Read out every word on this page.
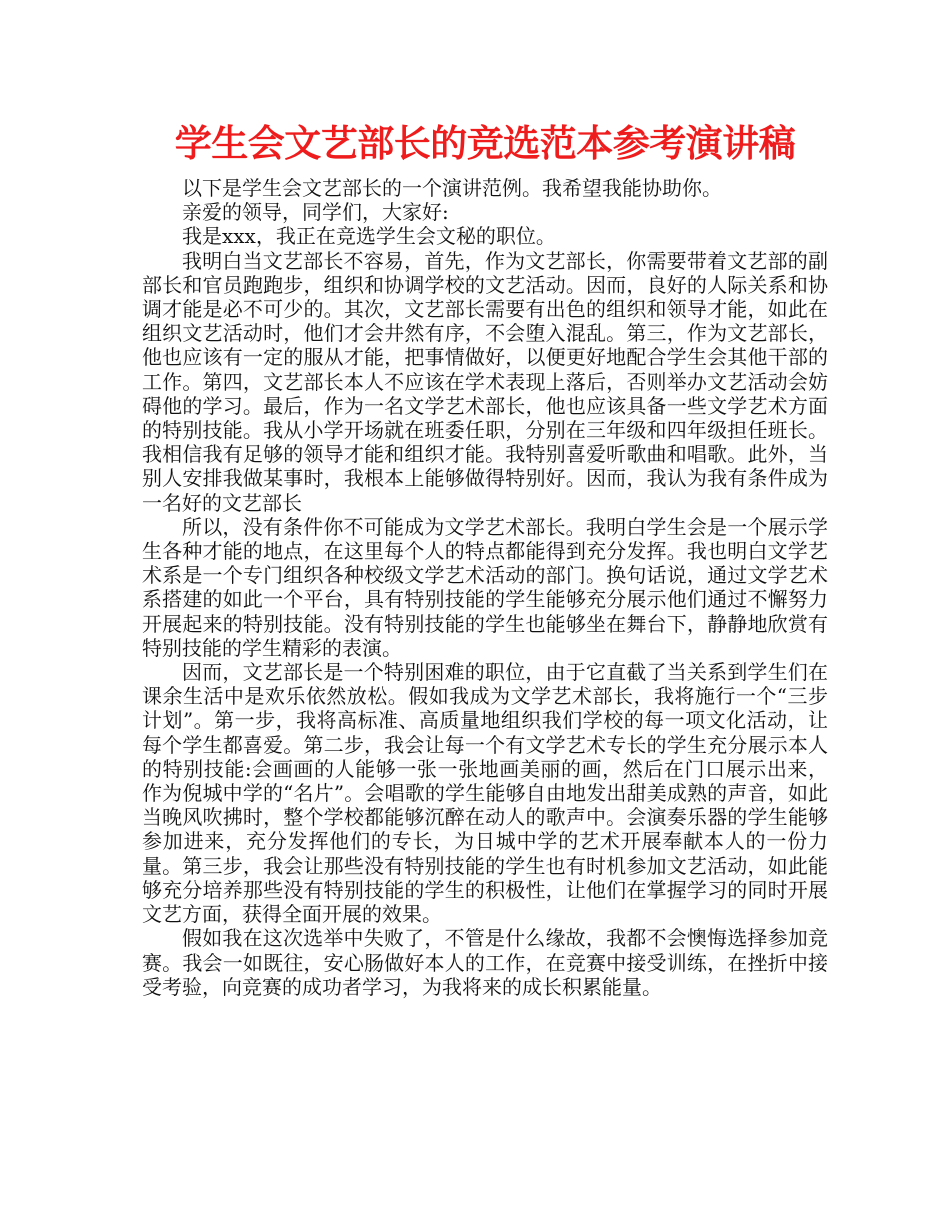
学生会文艺部长的竞选范本参考演讲稿

以下是学生会文艺部长的一个演讲范例。我希望我能协助你。

亲爱的领导，同学们，大家好:

我是xxx，我正在竞选学生会文秘的职位。

我明白当文艺部长不容易，首先，作为文艺部长，你需要带着文艺部的副部长和官员跑跑步，组织和协调学校的文艺活动。因而，良好的人际关系和协调才能是必不可少的。其次，文艺部长需要有出色的组织和领导才能，如此在组织文艺活动时，他们才会井然有序，不会堕入混乱。第三，作为文艺部长，他也应该有一定的服从才能，把事情做好，以便更好地配合学生会其他干部的工作。第四，文艺部长本人不应该在学术表现上落后，否则举办文艺活动会妨碍他的学习。最后，作为一名文学艺术部长，他也应该具备一些文学艺术方面的特别技能。我从小学开场就在班委任职，分别在三年级和四年级担任班长。我相信我有足够的领导才能和组织才能。我特别喜爱听歌曲和唱歌。此外，当别人安排我做某事时，我根本上能够做得特别好。因而，我认为我有条件成为一名好的文艺部长

所以，没有条件你不可能成为文学艺术部长。我明白学生会是一个展示学生各种才能的地点，在这里每个人的特点都能得到充分发挥。我也明白文学艺术系是一个专门组织各种校级文学艺术活动的部门。换句话说，通过文学艺术系搭建的如此一个平台，具有特别技能的学生能够充分展示他们通过不懈努力开展起来的特别技能。没有特别技能的学生也能够坐在舞台下，静静地欣赏有特别技能的学生精彩的表演。

因而，文艺部长是一个特别困难的职位，由于它直截了当关系到学生们在课余生活中是欢乐依然放松。假如我成为文学艺术部长，我将施行一个“三步计划”。第一步，我将高标准、高质量地组织我们学校的每一项文化活动，让每个学生都喜爱。第二步，我会让每一个有文学艺术专长的学生充分展示本人的特别技能:会画画的人能够一张一张地画美丽的画，然后在门口展示出来，作为倪城中学的“名片”。会唱歌的学生能够自由地发出甜美成熟的声音，如此当晚风吹拂时，整个学校都能够沉醉在动人的歌声中。会演奏乐器的学生能够参加进来，充分发挥他们的专长，为日城中学的艺术开展奉献本人的一份力量。第三步，我会让那些没有特别技能的学生也有时机参加文艺活动，如此能够充分培养那些没有特别技能的学生的积极性，让他们在掌握学习的同时开展文艺方面，获得全面开展的效果。

假如我在这次选举中失败了，不管是什么缘故，我都不会懊悔选择参加竞赛。我会一如既往，安心肠做好本人的工作，在竞赛中接受训练，在挫折中接受考验，向竞赛的成功者学习，为我将来的成长积累能量。
